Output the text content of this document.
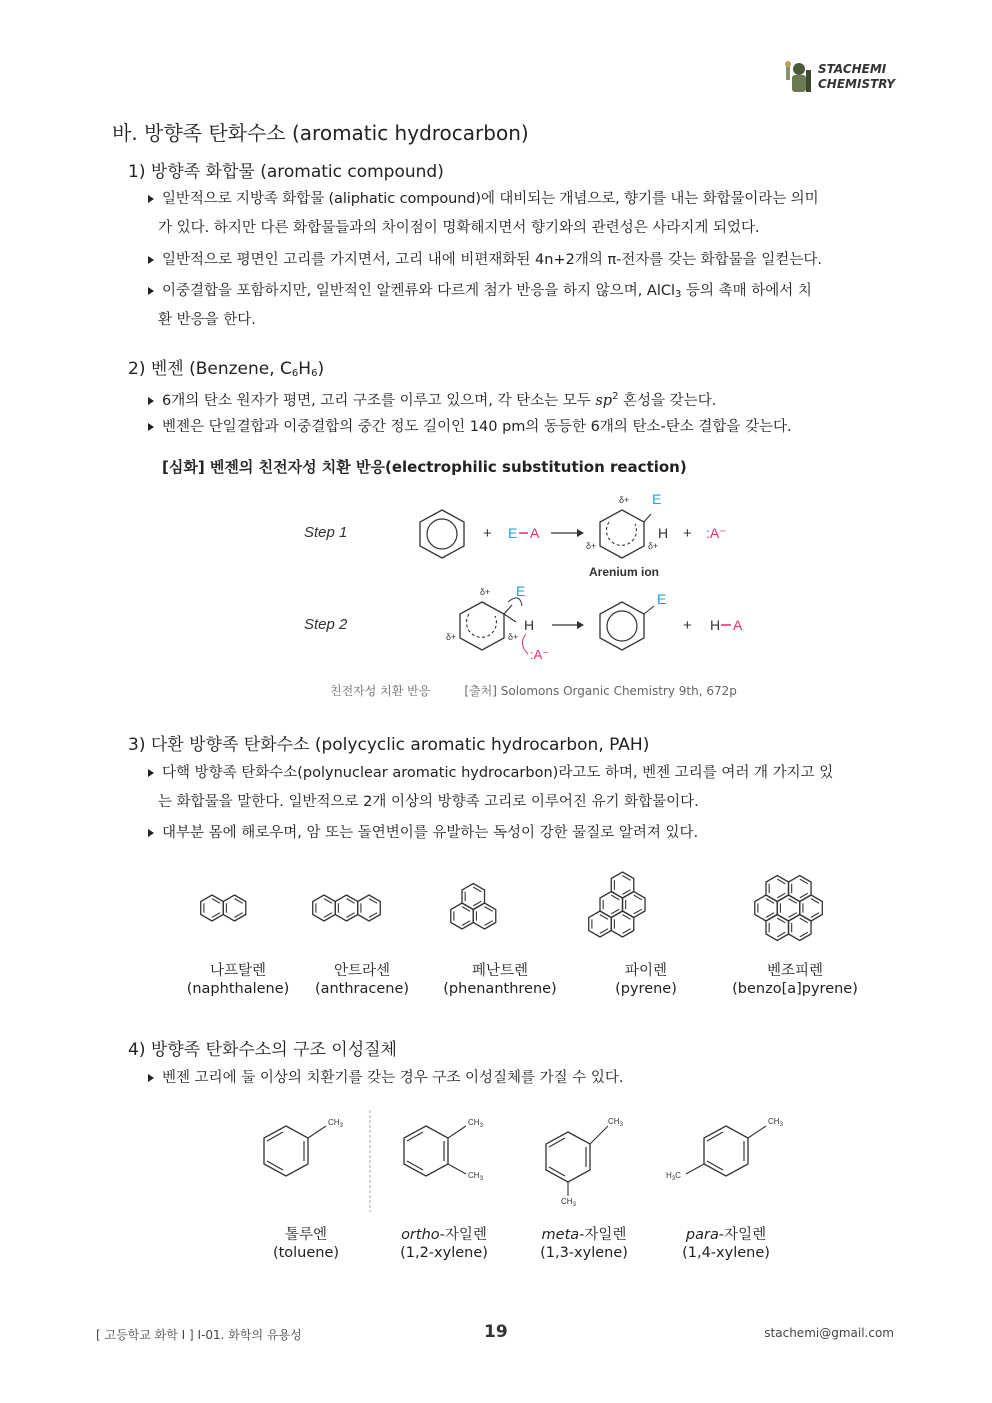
STACHEMI
CHEMISTRY
바. 방향족 탄화수소 (aromatic hydrocarbon)
1) 방향족 화합물 (aromatic compound)
일반적으로 지방족 화합물 (aliphatic compound)에 대비되는 개념으로, 향기를 내는 화합물이라는 의미
가 있다. 하지만 다른 화합물들과의 차이점이 명확해지면서 향기와의 관련성은 사라지게 되었다.
일반적으로 평면인 고리를 가지면서, 고리 내에 비편재화된 4n+2개의 π-전자를 갖는 화합물을 일컫는다.
이중결합을 포함하지만, 일반적인 알켄류와 다르게 첨가 반응을 하지 않으며, AlCl$_3$ 등의 촉매 하에서 치
환 반응을 한다.
2) 벤젠 (Benzene, $C_6H_6$)
6개의 탄소 원자가 평면, 고리 구조를 이루고 있으며, 각 탄소는 모두 $sp^2$ 혼성을 갖는다.
벤젠은 단일결합과 이중결합의 중간 정도 길이인 140 pm의 동등한 6개의 탄소-탄소 결합을 갖는다.
[심화] 벤젠의 친전자성 치환 반응(electrophilic substitution reaction)
Step 1
Step 2
+ E A
δ+ E
H
δ+	δ+
+ :A⁻
Arenium ion
δ+ E
H
δ+	δ+
:A⁻
E
+ H A
친전자성 치환 반응	[출처] Solomons Organic Chemistry 9th, 672p
3) 다환 방향족 탄화수소 (polycyclic aromatic hydrocarbon, PAH)
다핵 방향족 탄화수소(polynuclear aromatic hydrocarbon)라고도 하며, 벤젠 고리를 여러 개 가지고 있
는 화합물을 말한다. 일반적으로 2개 이상의 방향족 고리로 이루어진 유기 화합물이다.
대부분 몸에 해로우며, 암 또는 돌연변이를 유발하는 독성이 강한 물질로 알려져 있다.
나프탈렌
(naphthalene)
안트라센
(anthracene)
페난트렌
(phenanthrene)
파이렌
(pyrene)
벤조피렌
(benzo[a]pyrene)
4) 방향족 탄화수소의 구조 이성질체
벤젠 고리에 둘 이상의 치환기를 갖는 경우 구조 이성질체를 가질 수 있다.
$CH_3$	$CH_3$
$CH_3$
$CH_3$
$CH_3$
$CH_3$
$H_3C$
톨루엔
(toluene)
ortho-자일렌
(1,2-xylene)
meta-자일렌
(1,3-xylene)
para-자일렌
(1,4-xylene)
[ 고등학교 화학 I ] I-01. 화학의 유용성	19	stachemi@gmail.com
